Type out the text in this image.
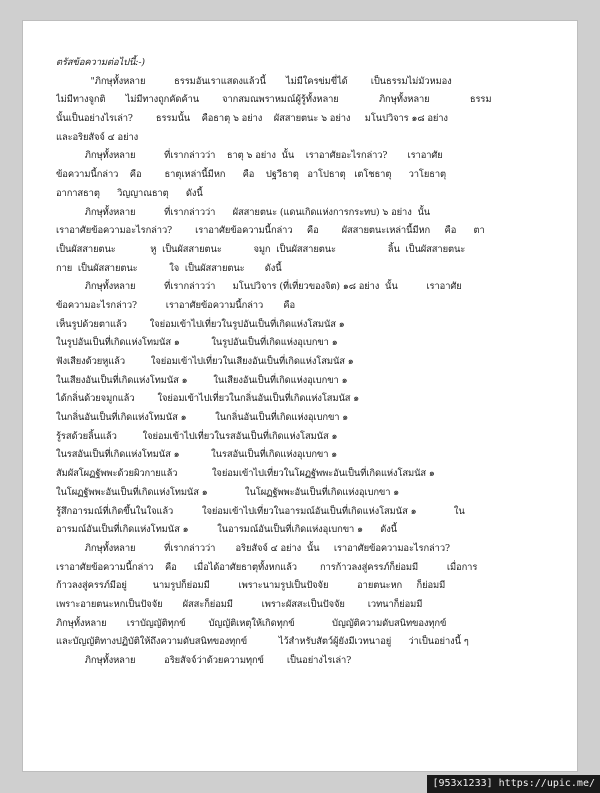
ตรัสข้อความต่อไปนี้:-)
"ภิกษุทั้งหลาย          ธรรมอันเราแสดงแล้วนี้       ไม่มีใครข่มขี่ได้        เป็นธรรมไม่มัวหมอง
ไม่มีทางจูกติ       ไม่มีทางถูกคัดค้าน        จากสมณพราหมณ์ผู้รู้ทั้งหลาย              ภิกษุทั้งหลาย              ธรรม
นั้นเป็นอย่างไรเล่า?        ธรรมนั้น    คือธาตุ ๖ อย่าง    ผัสสายตนะ ๖ อย่าง     มโนปวิจาร ๑๘ อย่าง
และอริยสัจจ์ ๔ อย่าง
ภิกษุทั้งหลาย          ที่เรากล่าวว่า    ธาตุ ๖ อย่าง  นั้น    เราอาศัยอะไรกล่าว?       เราอาศัย
ข้อความนี้กล่าว    คือ        ธาตุเหล่านี้มีหก      คือ    ปฐวีธาตุ   อาโปธาตุ   เตโชธาตุ      วาโยธาตุ
อากาสธาตุ      วิญญาณธาตุ      ดังนี้
ภิกษุทั้งหลาย          ที่เรากล่าวว่า      ผัสสายตนะ (แดนเกิดแห่งการกระทบ) ๖ อย่าง  นั้น
เราอาศัยข้อความอะไรกล่าว?        เราอาศัยข้อความนี้กล่าว     คือ        ผัสสายตนะเหล่านี้มีหก     คือ      ตา
เป็นผัสสายตนะ            หู  เป็นผัสสายตนะ           จมูก  เป็นผัสสายตนะ                  ลิ้น  เป็นผัสสายตนะ
กาย  เป็นผัสสายตนะ           ใจ  เป็นผัสสายตนะ       ดังนี้
ภิกษุทั้งหลาย          ที่เรากล่าวว่า      มโนปวิจาร (ที่เที่ยวของจิต) ๑๘ อย่าง  นั้น          เราอาศัย
ข้อความอะไรกล่าว?          เราอาศัยข้อความนี้กล่าว       คือ
เห็นรูปด้วยตาแล้ว        ใจย่อมเข้าไปเที่ยวในรูปอันเป็นที่เกิดแห่งโสมนัส ๑
ในรูปอันเป็นที่เกิดแห่งโทมนัส ๑           ในรูปอันเป็นที่เกิดแห่งอุเบกขา ๑
ฟังเสียงด้วยหูแล้ว         ใจย่อมเข้าไปเที่ยวในเสียงอันเป็นที่เกิดแห่งโสมนัส ๑
ในเสียงอันเป็นที่เกิดแห่งโทมนัส ๑         ในเสียงอันเป็นที่เกิดแห่งอุเบกขา ๑
ได้กลิ่นด้วยจมูกแล้ว        ใจย่อมเข้าไปเที่ยวในกลิ่นอันเป็นที่เกิดแห่งโสมนัส ๑
ในกลิ่นอันเป็นที่เกิดแห่งโทมนัส ๑          ในกลิ่นอันเป็นที่เกิดแห่งอุเบกขา ๑
รู้รสด้วยลิ้นแล้ว         ใจย่อมเข้าไปเที่ยวในรสอันเป็นที่เกิดแห่งโสมนัส ๑
ในรสอันเป็นที่เกิดแห่งโทมนัส ๑           ในรสอันเป็นที่เกิดแห่งอุเบกขา ๑
สัมผัสโผฏฐัพพะด้วยผิวกายแล้ว            ใจย่อมเข้าไปเที่ยวในโผฏฐัพพะอันเป็นที่เกิดแห่งโสมนัส ๑
ในโผฏฐัพพะอันเป็นที่เกิดแห่งโทมนัส ๑             ในโผฏฐัพพะอันเป็นที่เกิดแห่งอุเบกขา ๑
รู้สึกอารมณ์ที่เกิดขึ้นในใจแล้ว          ใจย่อมเข้าไปเที่ยวในอารมณ์อันเป็นที่เกิดแห่งโสมนัส ๑             ใน
อารมณ์อันเป็นที่เกิดแห่งโทมนัส ๑          ในอารมณ์อันเป็นที่เกิดแห่งอุเบกขา ๑      ดังนี้
ภิกษุทั้งหลาย          ที่เรากล่าวว่า       อริยสัจจ์ ๔ อย่าง  นั้น     เราอาศัยข้อความอะไรกล่าว?
เราอาศัยข้อความนี้กล่าว    คือ      เมื่อได้อาศัยธาตุทั้งหกแล้ว        การก้าวลงสู่ครรภ์ก็ย่อมมี          เมื่อการ
ก้าวลงสู่ครรภ์มีอยู่         นามรูปก็ย่อมมี          เพราะนามรูปเป็นปัจจัย          อายตนะหก     ก็ย่อมมี
เพราะอายตนะหกเป็นปัจจัย       ผัสสะก็ย่อมมี          เพราะผัสสะเป็นปัจจัย        เวทนาก็ย่อมมี
ภิกษุทั้งหลาย       เราบัญญัติทุกข์        บัญญัติเหตุให้เกิดทุกข์             บัญญัติความดับสนิทของทุกข์
และบัญญัติทางปฏิบัติให้ถึงความดับสนิทของทุกข์           ไว้สำหรับสัตว์ผู้ยังมีเวทนาอยู่      ว่าเป็นอย่างนี้ ๆ
ภิกษุทั้งหลาย          อริยสัจจ์ว่าด้วยความทุกข์        เป็นอย่างไรเล่า?
[953x1233] https://upic.me/
